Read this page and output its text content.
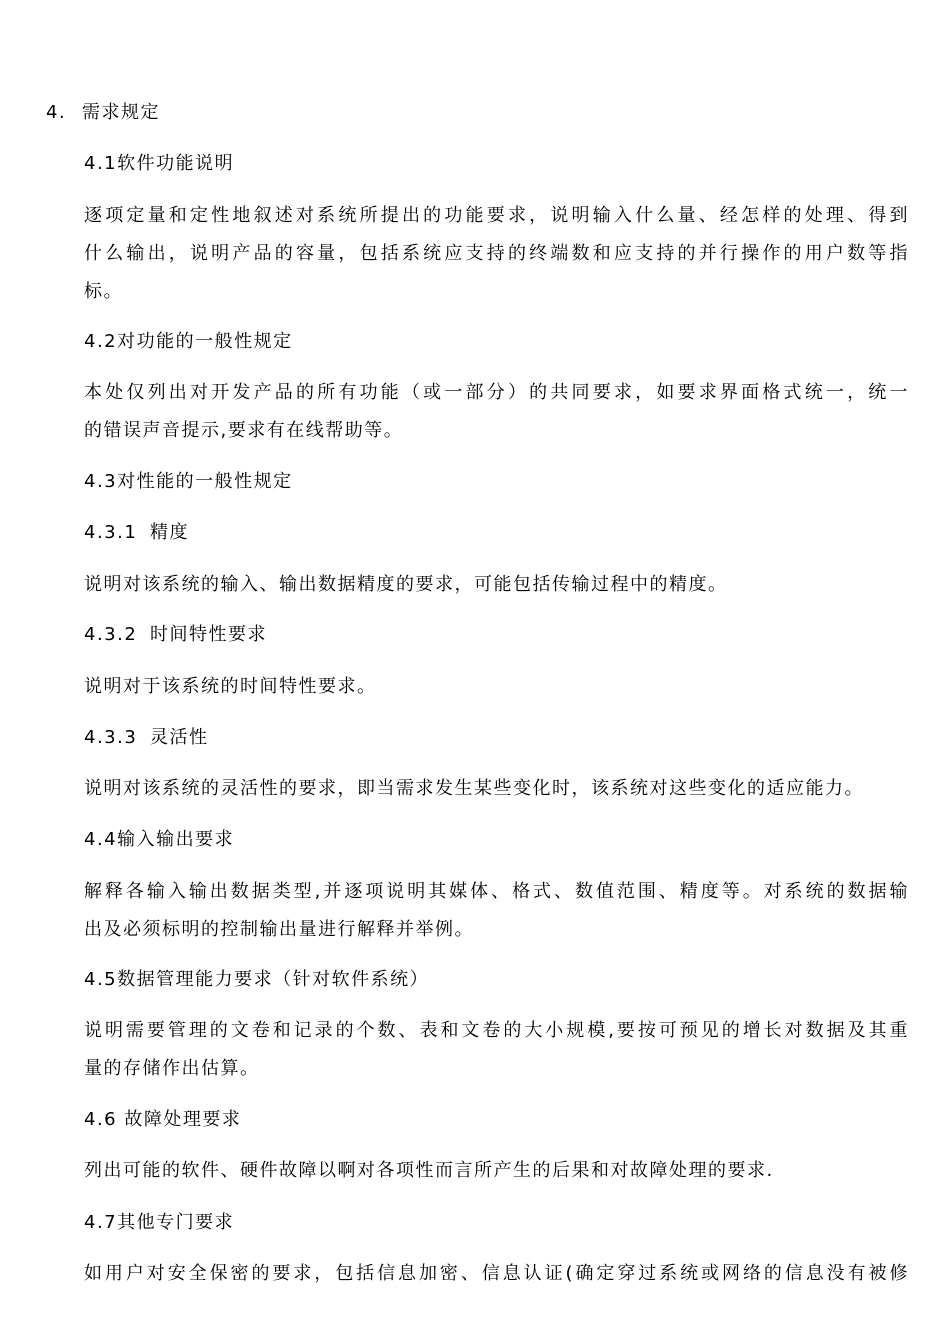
4. 需求规定
4.1软件功能说明
逐项定量和定性地叙述对系统所提出的功能要求，说明输入什么量、经怎样的处理、得到
什么输出，说明产品的容量，包括系统应支持的终端数和应支持的并行操作的用户数等指
标。
4.2对功能的一般性规定
本处仅列出对开发产品的所有功能（或一部分）的共同要求，如要求界面格式统一，统一
的错误声音提示,要求有在线帮助等。
4.3对性能的一般性规定
4.3.1 精度
说明对该系统的输入、输出数据精度的要求，可能包括传输过程中的精度。
4.3.2 时间特性要求
说明对于该系统的时间特性要求。
4.3.3 灵活性
说明对该系统的灵活性的要求，即当需求发生某些变化时，该系统对这些变化的适应能力。
4.4输入输出要求
解释各输入输出数据类型,并逐项说明其媒体、格式、数值范围、精度等。对系统的数据输
出及必须标明的控制输出量进行解释并举例。
4.5数据管理能力要求（针对软件系统）
说明需要管理的文卷和记录的个数、表和文卷的大小规模,要按可预见的增长对数据及其重
量的存储作出估算。
4.6 故障处理要求
列出可能的软件、硬件故障以啊对各项性而言所产生的后果和对故障处理的要求.
4.7其他专门要求
如用户对安全保密的要求，包括信息加密、信息认证(确定穿过系统或网络的信息没有被修
